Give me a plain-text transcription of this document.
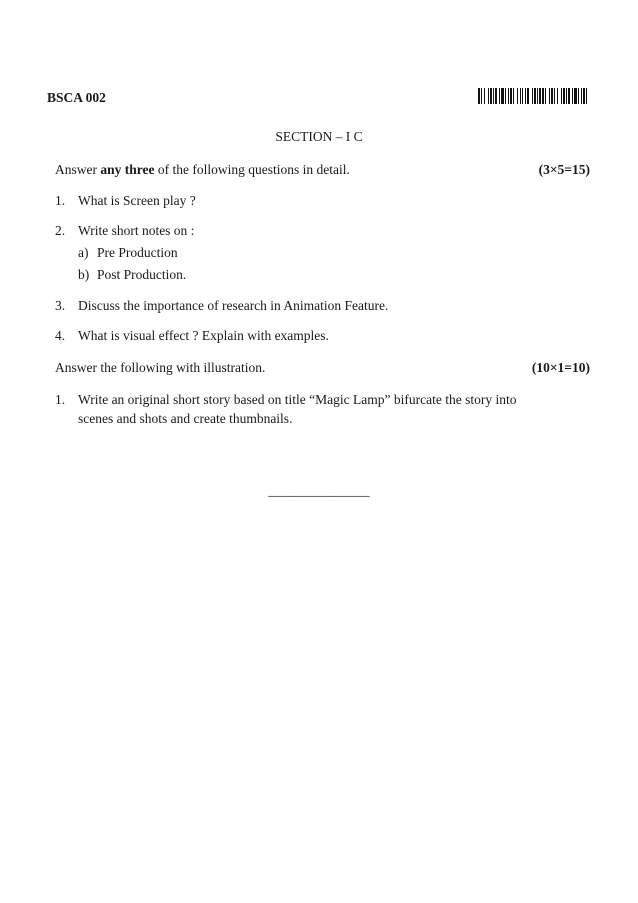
BSCA 002
SECTION – I C
Answer any three of the following questions in detail.	(3×5=15)
1. What is Screen play ?
2. Write short notes on :
a) Pre Production
b) Post Production.
3. Discuss the importance of research in Animation Feature.
4. What is visual effect ? Explain with examples.
Answer the following with illustration.	(10×1=10)
1. Write an original short story based on title “Magic Lamp” bifurcate the story into
scenes and shots and create thumbnails.
_______________
